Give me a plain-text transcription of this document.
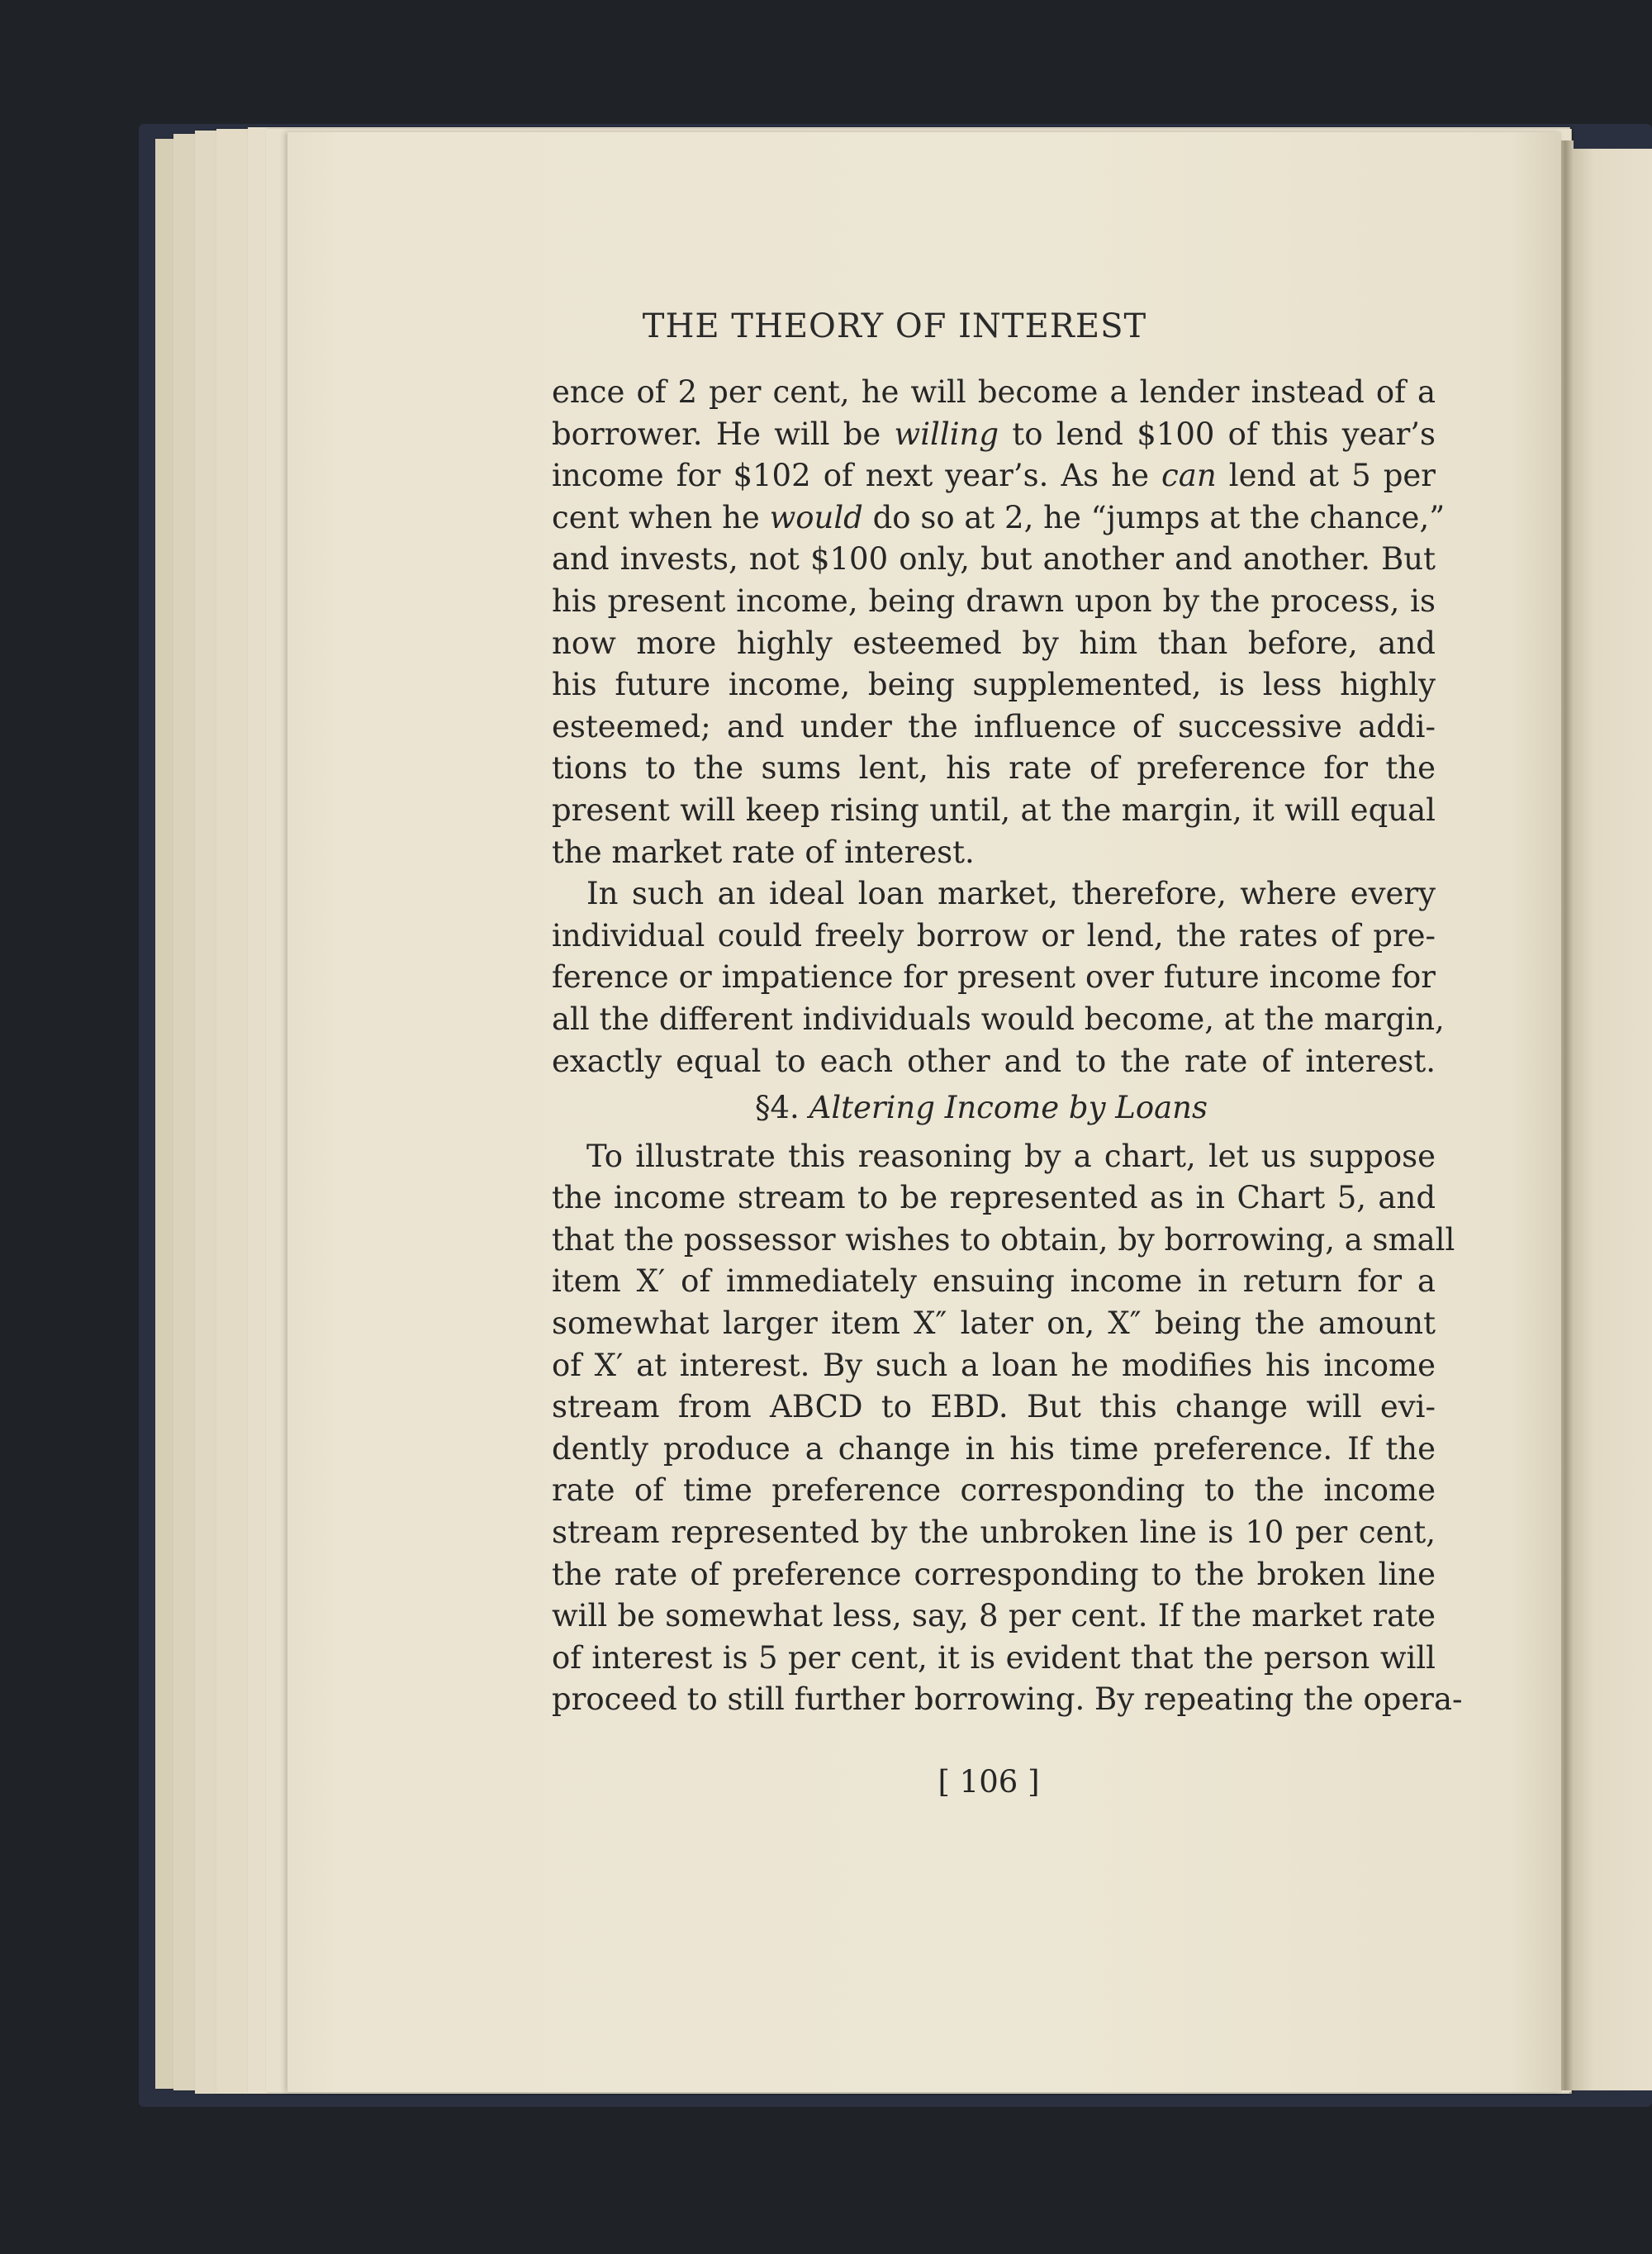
THE THEORY OF INTEREST
ence of 2 per cent, he will become a lender instead of a
borrower. He will be willing to lend $100 of this year’s
income for $102 of next year’s. As he can lend at 5 per
cent when he would do so at 2, he “jumps at the chance,”
and invests, not $100 only, but another and another. But
his present income, being drawn upon by the process, is
now more highly esteemed by him than before, and
his future income, being supplemented, is less highly
esteemed; and under the influence of successive addi-
tions to the sums lent, his rate of preference for the
present will keep rising until, at the margin, it will equal
the market rate of interest.
In such an ideal loan market, therefore, where every
individual could freely borrow or lend, the rates of pre-
ference or impatience for present over future income for
all the different individuals would become, at the margin,
exactly equal to each other and to the rate of interest.
§4. Altering Income by Loans
To illustrate this reasoning by a chart, let us suppose
the income stream to be represented as in Chart 5, and
that the possessor wishes to obtain, by borrowing, a small
item X′ of immediately ensuing income in return for a
somewhat larger item X″ later on, X″ being the amount
of X′ at interest. By such a loan he modifies his income
stream from ABCD to EBD. But this change will evi-
dently produce a change in his time preference. If the
rate of time preference corresponding to the income
stream represented by the unbroken line is 10 per cent,
the rate of preference corresponding to the broken line
will be somewhat less, say, 8 per cent. If the market rate
of interest is 5 per cent, it is evident that the person will
proceed to still further borrowing. By repeating the opera-
[ 106 ]
